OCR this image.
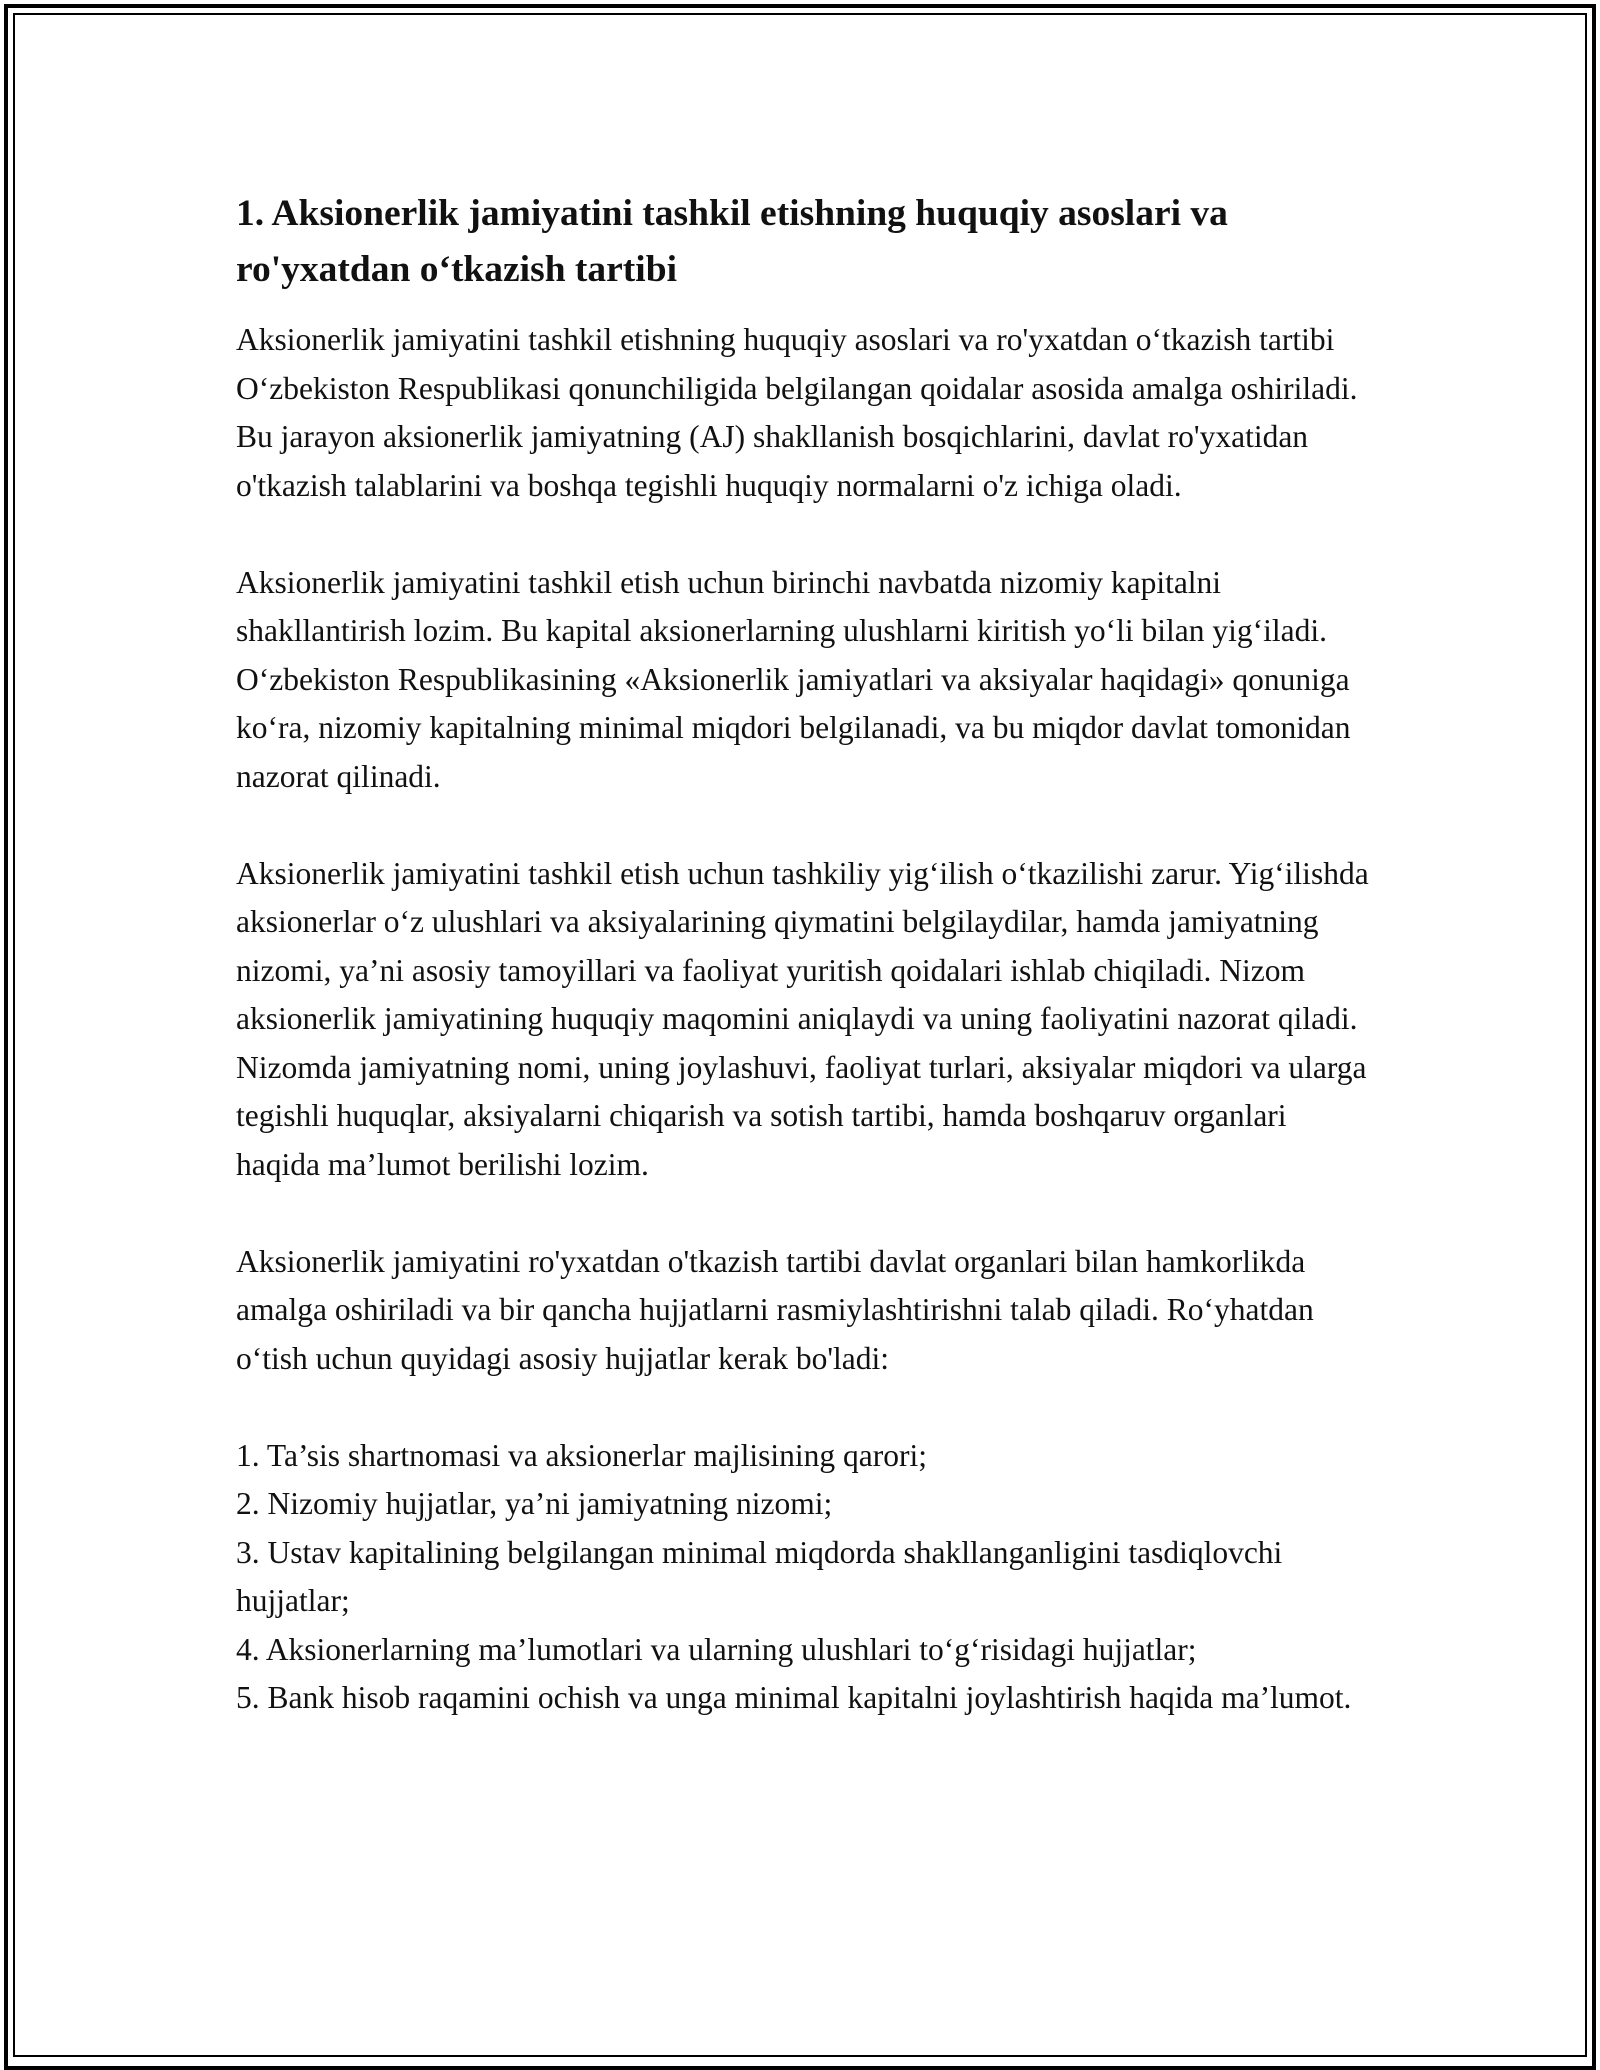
1. Aksionerlik jamiyatini tashkil etishning huquqiy asoslari va ro'yxatdan o‘tkazish tartibi

Aksionerlik jamiyatini tashkil etishning huquqiy asoslari va ro'yxatdan o‘tkazish tartibi O‘zbekiston Respublikasi qonunchiligida belgilangan qoidalar asosida amalga oshiriladi. Bu jarayon aksionerlik jamiyatning (AJ) shakllanish bosqichlarini, davlat ro'yxatidan o'tkazish talablarini va boshqa tegishli huquqiy normalarni o'z ichiga oladi.

Aksionerlik jamiyatini tashkil etish uchun birinchi navbatda nizomiy kapitalni shakllantirish lozim. Bu kapital aksionerlarning ulushlarni kiritish yo‘li bilan yig‘iladi. O‘zbekiston Respublikasining «Aksionerlik jamiyatlari va aksiyalar haqidagi» qonuniga ko‘ra, nizomiy kapitalning minimal miqdori belgilanadi, va bu miqdor davlat tomonidan nazorat qilinadi.

Aksionerlik jamiyatini tashkil etish uchun tashkiliy yig‘ilish o‘tkazilishi zarur. Yig‘ilishda aksionerlar o‘z ulushlari va aksiyalarining qiymatini belgilaydilar, hamda jamiyatning nizomi, ya’ni asosiy tamoyillari va faoliyat yuritish qoidalari ishlab chiqiladi. Nizom aksionerlik jamiyatining huquqiy maqomini aniqlaydi va uning faoliyatini nazorat qiladi. Nizomda jamiyatning nomi, uning joylashuvi, faoliyat turlari, aksiyalar miqdori va ularga tegishli huquqlar, aksiyalarni chiqarish va sotish tartibi, hamda boshqaruv organlari haqida ma’lumot berilishi lozim.

Aksionerlik jamiyatini ro'yxatdan o'tkazish tartibi davlat organlari bilan hamkorlikda amalga oshiriladi va bir qancha hujjatlarni rasmiylashtirishni talab qiladi. Ro‘yhatdan o‘tish uchun quyidagi asosiy hujjatlar kerak bo'ladi:

1. Ta’sis shartnomasi va aksionerlar majlisining qarori;
2. Nizomiy hujjatlar, ya’ni jamiyatning nizomi;
3. Ustav kapitalining belgilangan minimal miqdorda shakllanganligini tasdiqlovchi hujjatlar;
4. Aksionerlarning ma’lumotlari va ularning ulushlari to‘g‘risidagi hujjatlar;
5. Bank hisob raqamini ochish va unga minimal kapitalni joylashtirish haqida ma’lumot.
